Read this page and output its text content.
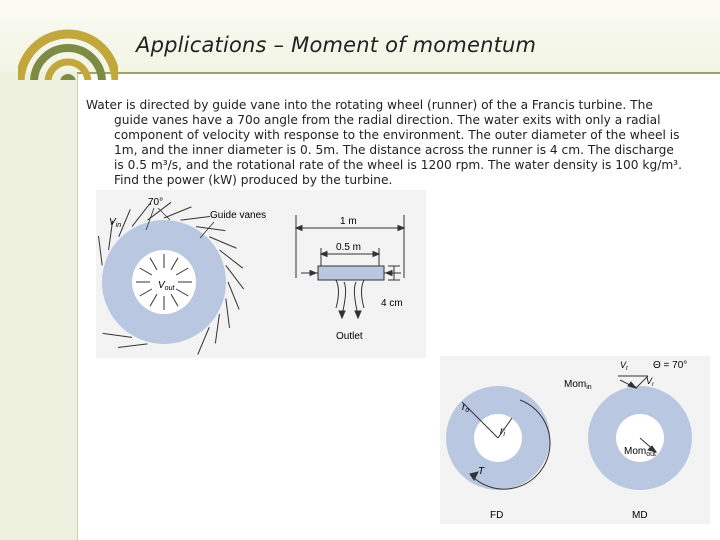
Applications – Moment of momentum

Water is directed by guide vane into the rotating wheel (runner) of the a Francis turbine. The guide vanes have a 70o angle from the radial direction. The water exits with only a radial component of velocity with response to the environment. The outer diameter of the wheel is 1m, and the inner diameter is 0. 5m. The distance across the runner is 4 cm. The discharge is 0.5 m³/s, and the rotational rate of the wheel is 1200 rpm. The water density is 100 kg/m³. Find the power (kW) produced by the turbine.

$V_{out}$
$V_{in}$
70°
Guide vanes
1 m
0.5 m
4 cm
Outlet
Θ = 70°
$V_t$
$V_r$
Mom$_{in}$
$r_o$
$r_i$
T
Mom$_{out}$
FD	MD
